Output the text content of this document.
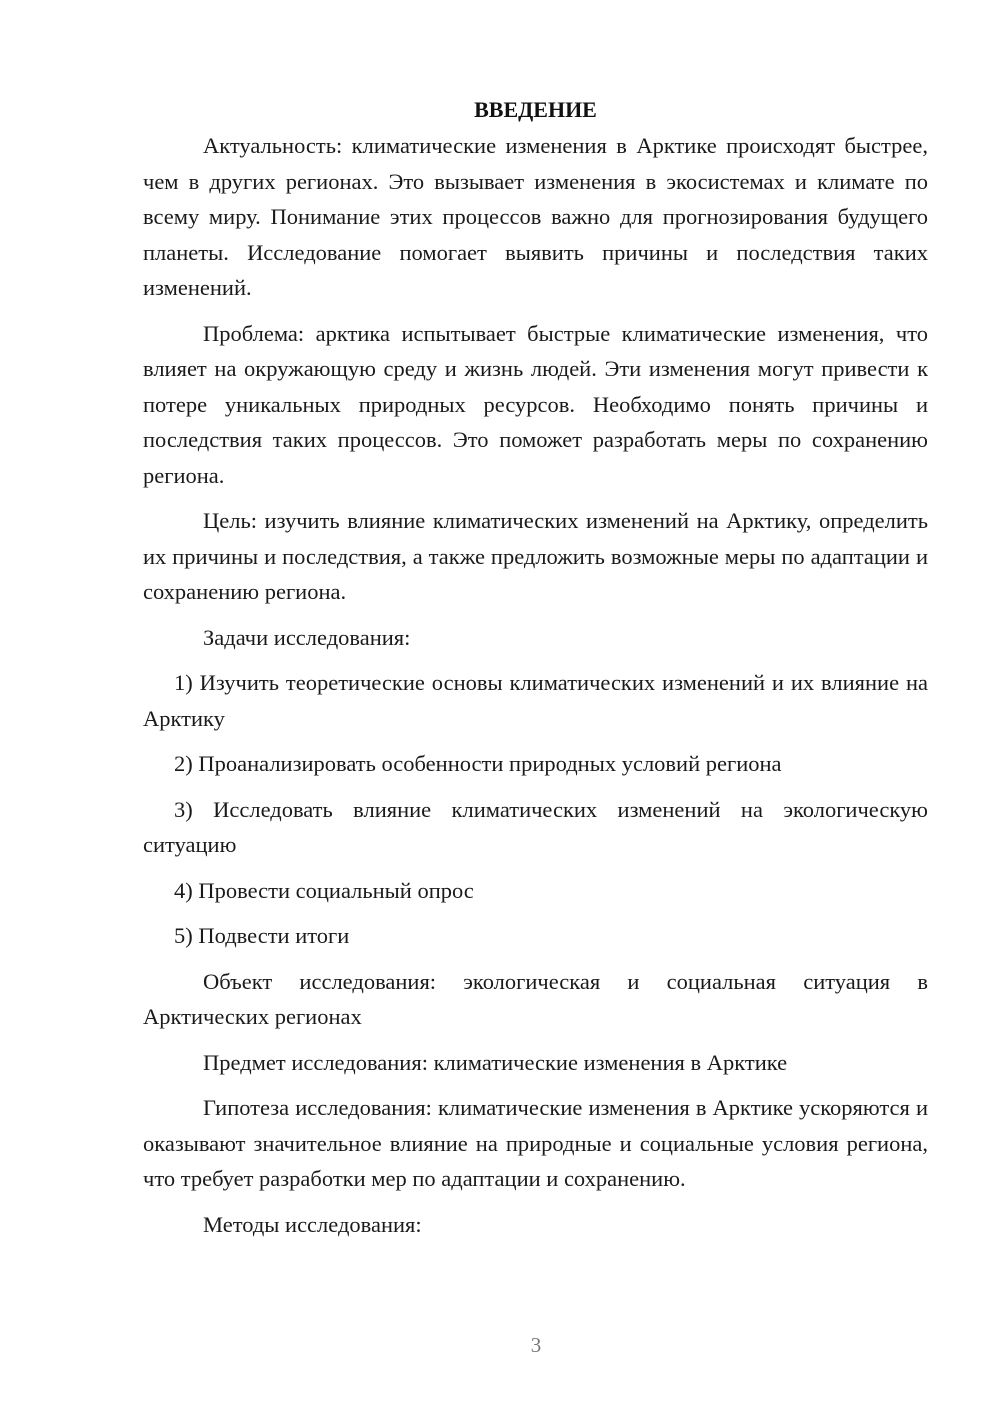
ВВЕДЕНИЕ

Актуальность: климатические изменения в Арктике происходят быстрее, чем в других регионах. Это вызывает изменения в экосистемах и климате по всему миру. Понимание этих процессов важно для прогнозирования будущего планеты. Исследование помогает выявить причины и последствия таких изменений.

Проблема: арктика испытывает быстрые климатические изменения, что влияет на окружающую среду и жизнь людей. Эти изменения могут привести к потере уникальных природных ресурсов. Необходимо понять причины и последствия таких процессов. Это поможет разработать меры по сохранению региона.

Цель: изучить влияние климатических изменений на Арктику, определить их причины и последствия, а также предложить возможные меры по адаптации и сохранению региона.

Задачи исследования:

1) Изучить теоретические основы климатических изменений и их влияние на Арктику

2) Проанализировать особенности природных условий региона

3) Исследовать влияние климатических изменений на экологическую ситуацию

4) Провести социальный опрос

5) Подвести итоги

Объект исследования: экологическая и социальная ситуация в Арктических регионах

Предмет исследования: климатические изменения в Арктике

Гипотеза исследования: климатические изменения в Арктике ускоряются и оказывают значительное влияние на природные и социальные условия региона, что требует разработки мер по адаптации и сохранению.

Методы исследования:

3
